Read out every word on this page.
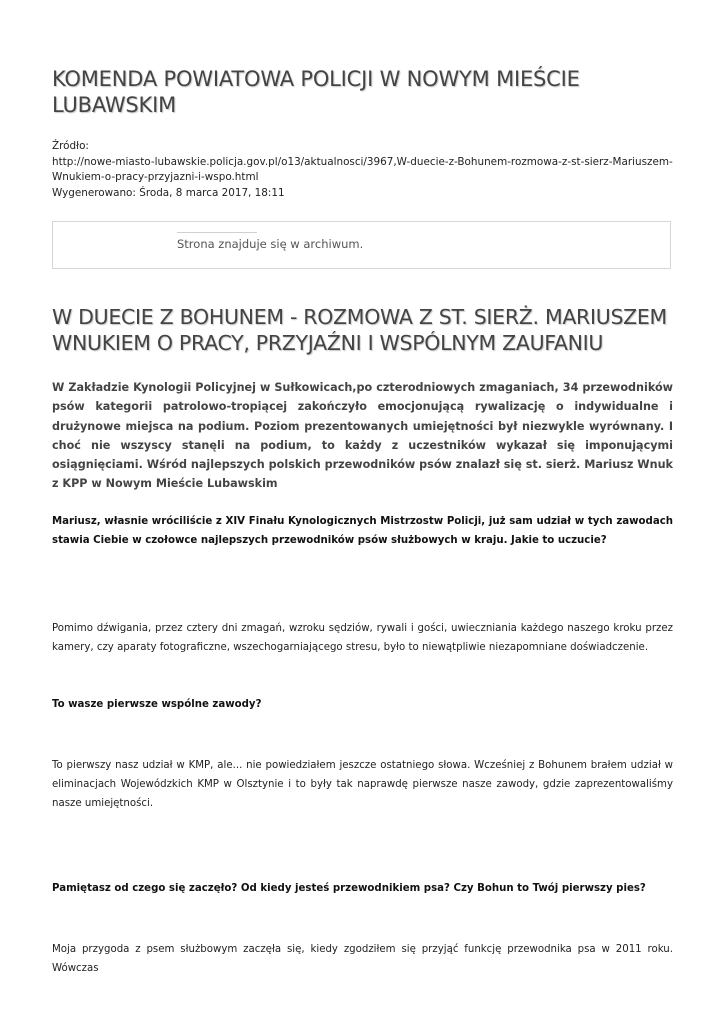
KOMENDA POWIATOWA POLICJI W NOWYM MIEŚCIE LUBAWSKIM
Źródło:
http://nowe-miasto-lubawskie.policja.gov.pl/o13/aktualnosci/3967,W-duecie-z-Bohunem-rozmowa-z-st-sierz-Mariuszem-Wnukiem-o-pracy-przyjazni-i-wspo.html
Wygenerowano: Środa, 8 marca 2017, 18:11
Strona znajduje się w archiwum.
W DUECIE Z BOHUNEM - ROZMOWA Z ST. SIERŻ. MARIUSZEM WNUKIEM O PRACY, PRZYJAŹNI I WSPÓLNYM ZAUFANIU

W Zakładzie Kynologii Policyjnej w Sułkowicach,po czterodniowych zmaganiach, 34 przewodników psów kategorii patrolowo-tropiącej zakończyło emocjonującą rywalizację o indywidualne i drużynowe miejsca na podium. Poziom prezentowanych umiejętności był niezwykle wyrównany. I choć nie wszyscy stanęli na podium, to każdy z uczestników wykazał się imponującymi osiągnięciami. Wśród najlepszych polskich przewodników psów znalazł się st. sierż. Mariusz Wnuk z KPP w Nowym Mieście Lubawskim

Mariusz, własnie wróciliście z XIV Finału Kynologicznych Mistrzostw Policji, już sam udział w tych zawodach stawia Ciebie w czołowce najlepszych przewodników psów służbowych w kraju. Jakie to uczucie?

Pomimo dźwigania, przez cztery dni zmagań, wzroku sędziów, rywali i gości, uwieczniania każdego naszego kroku przez kamery, czy aparaty fotograficzne, wszechogarniającego stresu, było to niewątpliwie niezapomniane doświadczenie.

To wasze pierwsze wspólne zawody?

To pierwszy nasz udział w KMP, ale... nie powiedziałem jeszcze ostatniego słowa. Wcześniej z Bohunem brałem udział w eliminacjach Wojewódzkich KMP w Olsztynie i to były tak naprawdę pierwsze nasze zawody, gdzie zaprezentowaliśmy nasze umiejętności.

Pamiętasz od czego się zaczęło? Od kiedy jesteś przewodnikiem psa? Czy Bohun to Twój pierwszy pies?

Moja przygoda z psem służbowym zaczęła się, kiedy zgodziłem się przyjąć funkcję przewodnika psa w 2011 roku. Wówczas
